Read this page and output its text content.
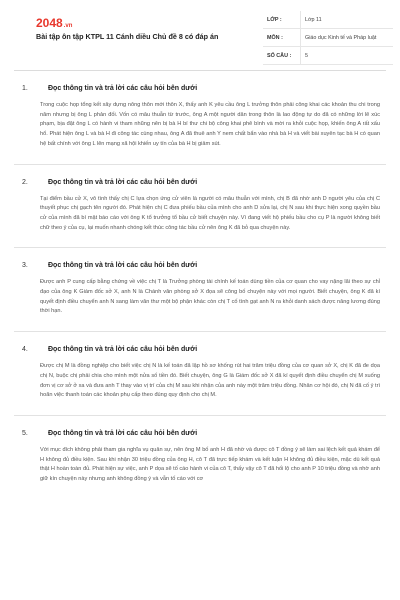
2048.vn
Bài tập ôn tập KTPL 11 Cánh diều Chủ đề 8 có đáp án
LỚP :	Lớp 11
MÔN :	Giáo dục Kinh tế và Pháp luật
SỐ CÂU :	5
1.	Đọc thông tin và trả lời các câu hỏi bên dưới
Trong cuộc họp tổng kết xây dựng nông thôn mới thôn X, thấy anh K yêu cầu ông L trưởng thôn phải công khai các khoản thu chi trong năm nhưng bị ông L phản đối. Vốn có mâu thuẫn từ trước, ông A một người dân trong thôn là lao động tự do đã có những lời lẽ xúc phạm, bịa đặt ông L có hành vi tham nhũng nên bị bà H bí thư chi bộ công khai phê bình và mời ra khỏi cuộc họp, khiến ông A rất xấu hổ. Phát hiện ông L và bà H đi công tác cùng nhau, ông A đã thuê anh Y nem chất bẩn vào nhà bà H và viết bài xuyên tạc bà H có quan hệ bất chính với ông L lên mạng xã hội khiến uy tín của bà H bị giảm sút.
2.	Đọc thông tin và trả lời các câu hỏi bên dưới
Tại điểm bầu cử X, vô tình thấy chị C lựa chọn ứng cử viên là người có mâu thuẫn với mình, chị B đã nhờ anh D người yêu của chị C thuyết phục chị gạch tên người đó. Phát hiện chị C đưa phiếu bầu của mình cho anh D sửa lại, chị N sau khi thực hiện xong quyền bầu cử của mình đã bí mật báo cáo với ông K tổ trưởng tổ bầu cử biết chuyện này. Vì đang viết hộ phiếu bầu cho cụ P là người không biết chữ theo ý của cụ, lại muốn nhanh chóng kết thúc công tác bầu cử nên ông K đã bỏ qua chuyện này.
3.	Đọc thông tin và trả lời các câu hỏi bên dưới
Được anh P cung cấp bằng chứng về việc chị T là Trưởng phòng tài chính kế toán dùng tiền của cơ quan cho vay nặng lãi theo sự chỉ đạo của ông K Giám đốc sở X, anh N là Chánh văn phòng sở X đọa sẽ công bố chuyện này với mọi người. Biết chuyện, ông K đã kí quyết định điều chuyển anh N sang làm văn thư một bộ phận khác còn chị T cố tình gạt anh N ra khỏi danh sách được nâng lương đúng thời hạn.
4.	Đọc thông tin và trả lời các câu hỏi bên dưới
Được chị M là đồng nghiệp cho biết việc chị N là kế toán đã lập hồ sơ khống rút hai trăm triệu đồng của cơ quan sở X, chị K đã đe dọa chị N, buộc chị phải chia cho mình một nửa số tiền đó. Biết chuyện, ông G là Giám đốc sở X đã kí quyết định điều chuyển chị M xuống đơn vị cơ sở ở xa và đưa anh T thay vào vị trí của chị M sau khi nhận của anh này một trăm triệu đồng. Nhân cơ hội đó, chị N đã cố ý trì hoãn việc thanh toán các khoản phụ cấp theo đúng quy định cho chị M.
5.	Đọc thông tin và trả lời các câu hỏi bên dưới
Với mục đích không phải tham gia nghĩa vụ quân sự, nên ông M bố anh H đã nhờ và được cô T đồng ý sẽ làm sai lệch kết quả khám để H không đủ điều kiện. Sau khi nhận 30 triệu đồng của ông H, cô T đã trực tiếp khám và kết luận H không đủ điều kiện, mặc dù kết quả thật H hoàn toàn đủ. Phát hiện sự việc, anh P dọa sẽ tố cáo hành vi của cô T, thấy vậy cô T đã hối lộ cho anh P 10 triệu đồng và nhờ anh giữ kín chuyện này nhưng anh không đồng ý và vẫn tố cáo với cơ
